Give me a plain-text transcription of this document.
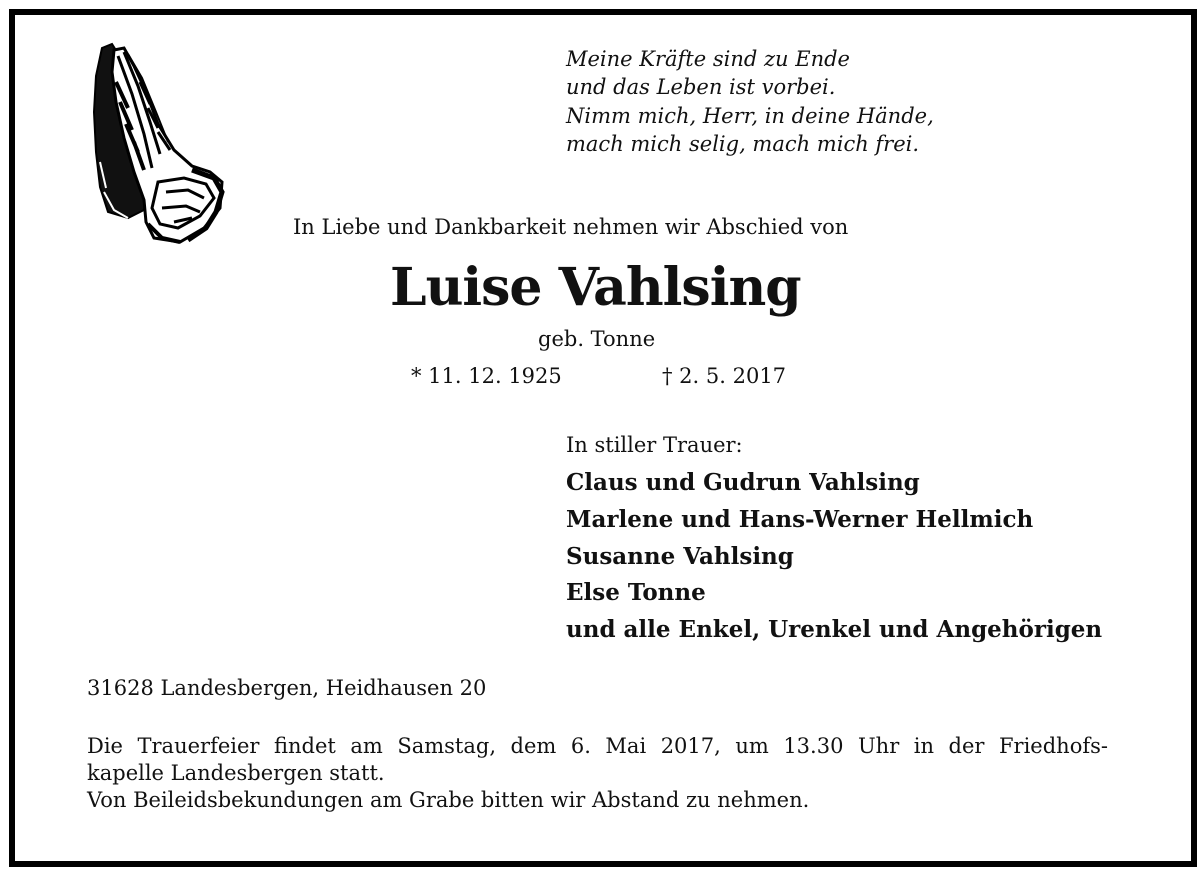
Meine Kräfte sind zu Ende
und das Leben ist vorbei.
Nimm mich, Herr, in deine Hände,
mach mich selig, mach mich frei.
In Liebe und Dankbarkeit nehmen wir Abschied von
Luise Vahlsing
geb. Tonne
* 11. 12. 1925	† 2. 5. 2017
In stiller Trauer:
Claus und Gudrun Vahlsing
Marlene und Hans-Werner Hellmich
Susanne Vahlsing
Else Tonne
und alle Enkel, Urenkel und Angehörigen
31628 Landesbergen, Heidhausen 20
Die Trauerfeier findet am Samstag, dem 6. Mai 2017, um 13.30 Uhr in der Friedhofs-
kapelle Landesbergen statt.
Von Beileidsbekundungen am Grabe bitten wir Abstand zu nehmen.
